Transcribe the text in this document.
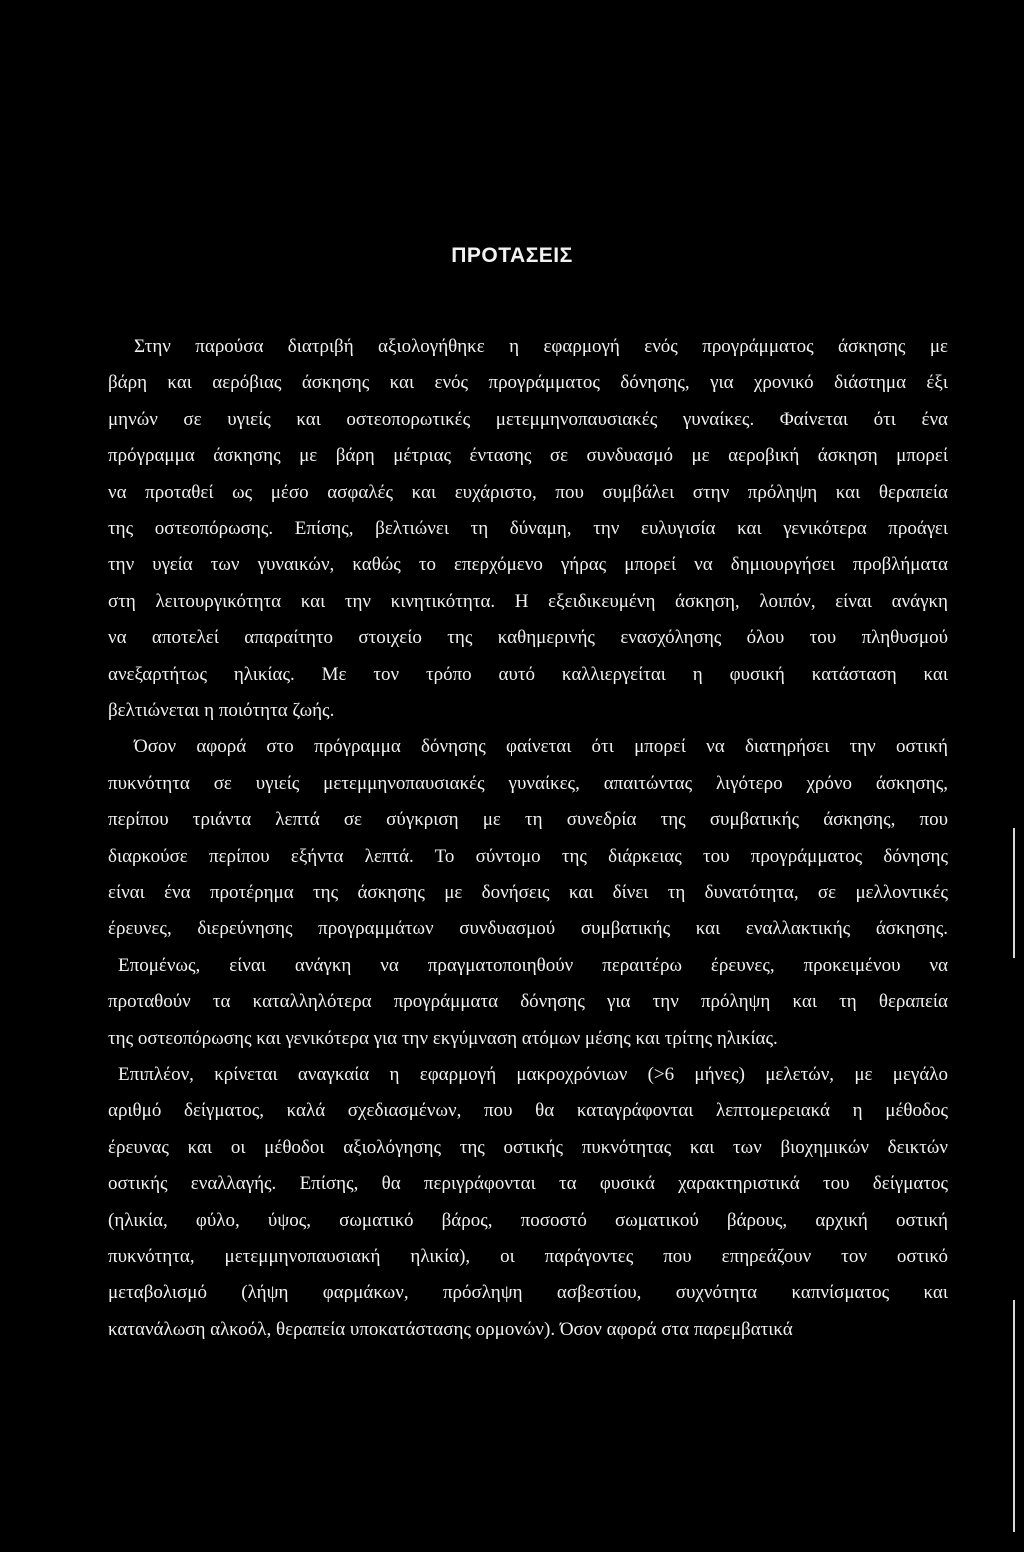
ΠΡΟΤΑΣΕΙΣ

Στην παρούσα διατριβή αξιολογήθηκε η εφαρμογή ενός προγράμματος άσκησης με

βάρη και αερόβιας άσκησης και ενός προγράμματος δόνησης, για χρονικό διάστημα έξι

μηνών σε υγιείς και οστεοπορωτικές μετεμμηνοπαυσιακές γυναίκες. Φαίνεται ότι ένα

πρόγραμμα άσκησης με βάρη μέτριας έντασης σε συνδυασμό με αεροβική άσκηση μπορεί

να προταθεί ως μέσο ασφαλές και ευχάριστο, που συμβάλει στην πρόληψη και θεραπεία

της οστεοπόρωσης. Επίσης, βελτιώνει τη δύναμη, την ευλυγισία και γενικότερα προάγει

την υγεία των γυναικών, καθώς το επερχόμενο γήρας μπορεί να δημιουργήσει προβλήματα

στη λειτουργικότητα και την κινητικότητα. Η εξειδικευμένη άσκηση, λοιπόν, είναι ανάγκη

να αποτελεί απαραίτητο στοιχείο της καθημερινής ενασχόλησης όλου του πληθυσμού

ανεξαρτήτως ηλικίας. Με τον τρόπο αυτό καλλιεργείται η φυσική κατάσταση και

βελτιώνεται η ποιότητα ζωής.

Όσον αφορά στο πρόγραμμα δόνησης φαίνεται ότι μπορεί να διατηρήσει την οστική

πυκνότητα σε υγιείς μετεμμηνοπαυσιακές γυναίκες, απαιτώντας λιγότερο χρόνο άσκησης,

περίπου τριάντα λεπτά σε σύγκριση με τη συνεδρία της συμβατικής άσκησης, που

διαρκούσε περίπου εξήντα λεπτά. Το σύντομο της διάρκειας του προγράμματος δόνησης

είναι ένα προτέρημα της άσκησης με δονήσεις και δίνει τη δυνατότητα, σε μελλοντικές

έρευνες, διερεύνησης προγραμμάτων συνδυασμού συμβατικής και εναλλακτικής άσκησης.

Επομένως, είναι ανάγκη να πραγματοποιηθούν περαιτέρω έρευνες, προκειμένου να

προταθούν τα καταλληλότερα προγράμματα δόνησης για την πρόληψη και τη θεραπεία

της οστεοπόρωσης και γενικότερα για την εκγύμναση ατόμων μέσης και τρίτης ηλικίας.

Επιπλέον, κρίνεται αναγκαία η εφαρμογή μακροχρόνιων (>6 μήνες) μελετών, με μεγάλο

αριθμό δείγματος, καλά σχεδιασμένων, που θα καταγράφονται λεπτομερειακά η μέθοδος

έρευνας και οι μέθοδοι αξιολόγησης της οστικής πυκνότητας και των βιοχημικών δεικτών

οστικής εναλλαγής. Επίσης, θα περιγράφονται τα φυσικά χαρακτηριστικά του δείγματος

(ηλικία, φύλο, ύψος, σωματικό βάρος, ποσοστό σωματικού βάρους, αρχική οστική

πυκνότητα, μετεμμηνοπαυσιακή ηλικία), οι παράγοντες που επηρεάζουν τον οστικό

μεταβολισμό (λήψη φαρμάκων, πρόσληψη ασβεστίου, συχνότητα καπνίσματος και

κατανάλωση αλκοόλ, θεραπεία υποκατάστασης ορμονών). Όσον αφορά στα παρεμβατικά
